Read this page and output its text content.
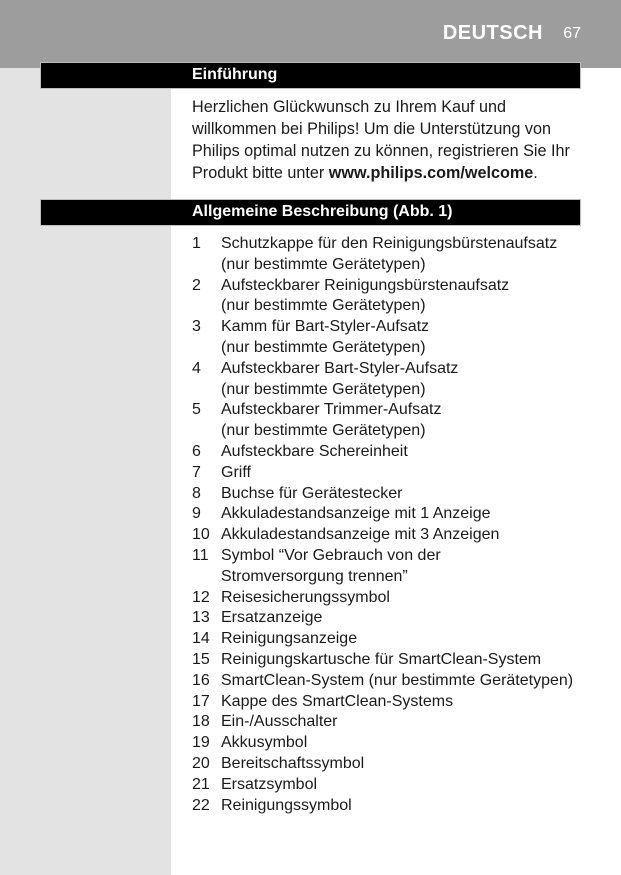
DEUTSCH 67
Einführung
Herzlichen Glückwunsch zu Ihrem Kauf und willkommen bei Philips! Um die Unterstützung von Philips optimal nutzen zu können, registrieren Sie Ihr Produkt bitte unter www.philips.com/welcome.
Allgemeine Beschreibung (Abb. 1)
1	Schutzkappe für den Reinigungsbürstenaufsatz
(nur bestimmte Gerätetypen)
2	Aufsteckbarer Reinigungsbürstenaufsatz
(nur bestimmte Gerätetypen)
3	Kamm für Bart-Styler-Aufsatz
(nur bestimmte Gerätetypen)
4	Aufsteckbarer Bart-Styler-Aufsatz
(nur bestimmte Gerätetypen)
5	Aufsteckbarer Trimmer-Aufsatz
(nur bestimmte Gerätetypen)
6	Aufsteckbare Schereinheit
7	Griff
8	Buchse für Gerätestecker
9	Akkuladestandsanzeige mit 1 Anzeige
10 Akkuladestandsanzeige mit 3 Anzeigen
11 Symbol “Vor Gebrauch von der
Stromversorgung trennen”
12 Reisesicherungssymbol
13 Ersatzanzeige
14 Reinigungsanzeige
15 Reinigungskartusche für SmartClean-System
16 SmartClean-System (nur bestimmte Gerätetypen)
17 Kappe des SmartClean-Systems
18 Ein-/Ausschalter
19 Akkusymbol
20 Bereitschaftssymbol
21 Ersatzsymbol
22 Reinigungssymbol
